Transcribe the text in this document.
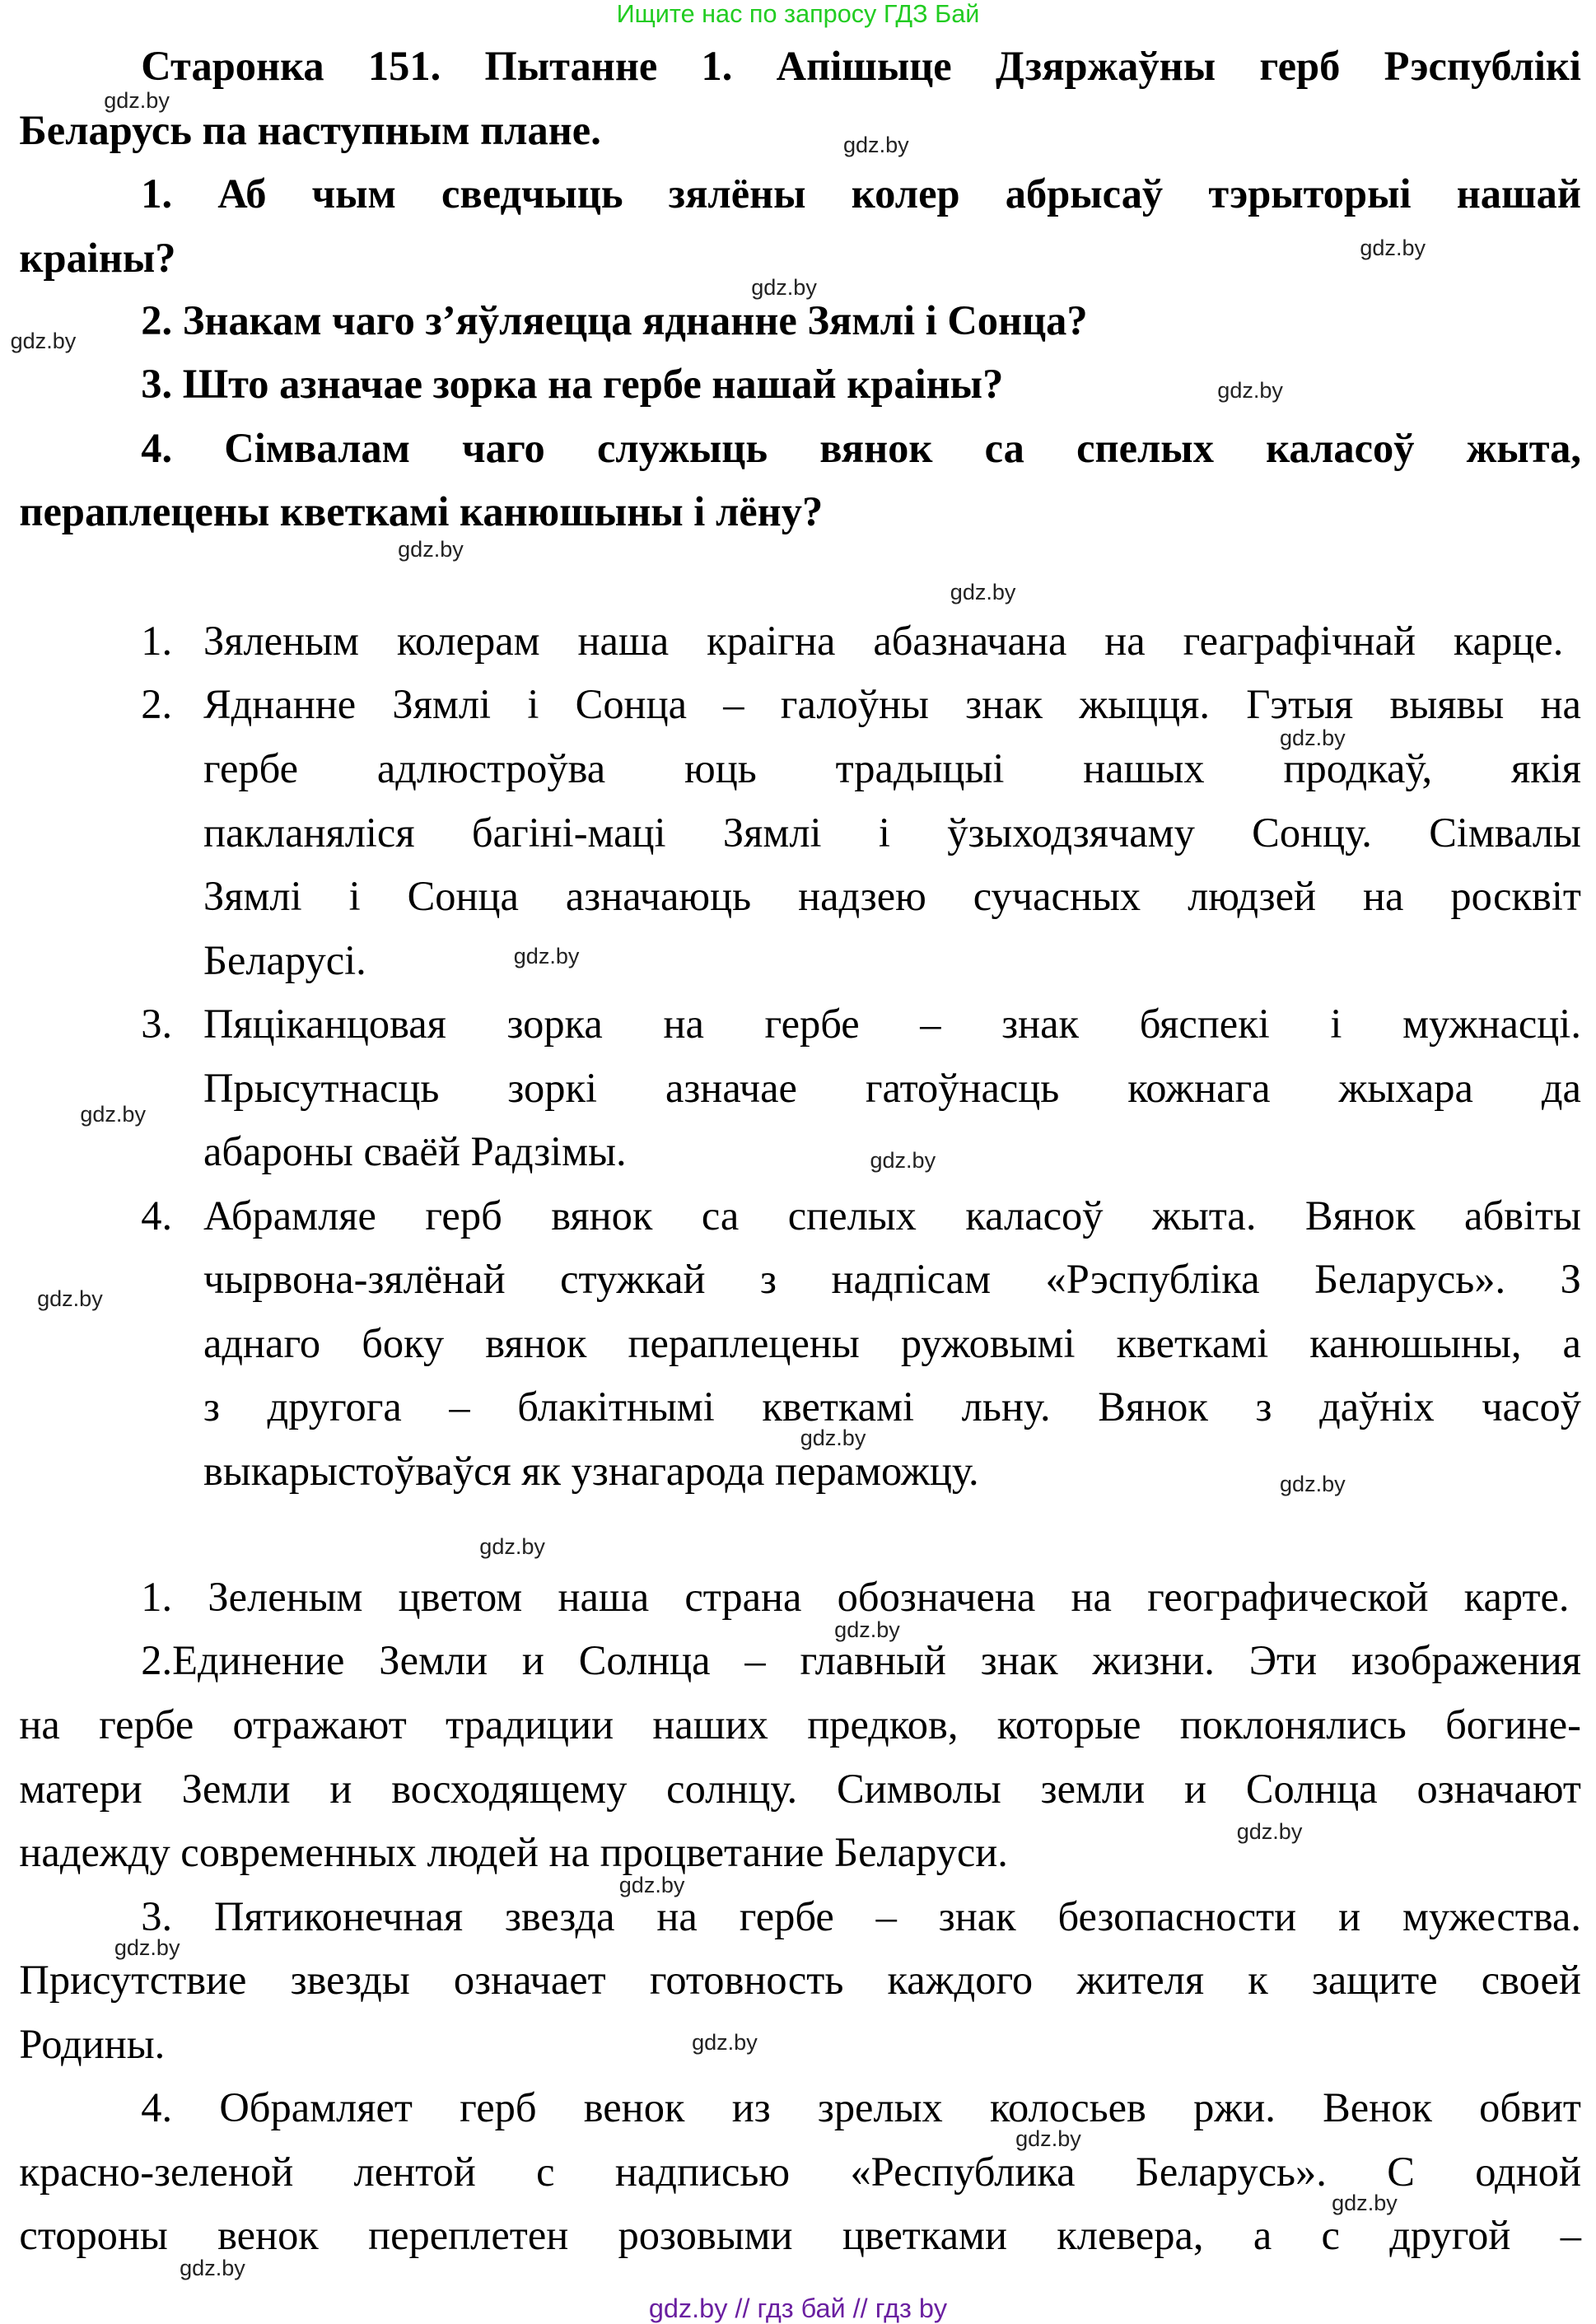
Ищите нас по запросу ГДЗ Бай
gdz.by // гдз бай // гдз by
Старонка 151. Пытанне 1. Апішыце Дзяржаўны герб Рэспублікі
Беларусь па наступным плане.
1. Аб чым сведчыць зялёны колер абрысаў тэрыторыі нашай
краіны?
2. Знакам чаго з’яўляецца яднанне Зямлі і Сонца?
3. Што азначае зорка на гербе нашай краіны?
4. Сімвалам чаго служыць вянок са спелых каласоў жыта,
пераплецены кветкамі канюшыны і лёну?
1.
2.
3.
4.
Зяленым колерам наша краігна абазначана на геаграфічнай карце.
Яднанне Зямлі і Сонца – галоўны знак жыцця. Гэтыя выявы на
гербе адлюстроўва юць традыцыі нашых продкаў, якія
пакланяліся багіні-маці Зямлі і ўзыходзячаму Сонцу. Сімвалы
Зямлі і Сонца азначаюць надзею сучасных людзей на росквіт
Беларусі.
Пяціканцовая зорка на гербе – знак бяспекі і мужнасці.
Прысутнасць зоркі азначае гатоўнасць кожнага жыхара да
абароны сваёй Радзімы.
Абрамляе герб вянок са спелых каласоў жыта. Вянок абвіты
чырвона-зялёнай стужкай з надпісам «Рэспубліка Беларусь». З
аднаго боку вянок пераплецены ружовымі кветкамі канюшыны, а
з другога – блакітнымі кветкамі льну. Вянок з даўніх часоў
выкарыстоўваўся як узнагарода пераможцу.
1. Зеленым цветом наша страна обозначена на географической карте.
2.Единение Земли и Солнца – главный знак жизни. Эти изображения
на гербе отражают традиции наших предков, которые поклонялись богине-
матери Земли и восходящему солнцу. Символы земли и Солнца означают
надежду современных людей на процветание Беларуси.
3. Пятиконечная звезда на гербе – знак безопасности и мужества.
Присутствие звезды означает готовность каждого жителя к защите своей
Родины.
4. Обрамляет герб венок из зрелых колосьев ржи. Венок обвит
красно-зеленой лентой с надписью «Республика Беларусь». С одной
стороны венок переплетен розовыми цветками клевера, а с другой –
gdz.by
gdz.by
gdz.by
gdz.by
gdz.by
gdz.by
gdz.by
gdz.by
gdz.by
gdz.by
gdz.by
gdz.by
gdz.by
gdz.by
gdz.by
gdz.by
gdz.by
gdz.by
gdz.by
gdz.by
gdz.by
gdz.by
gdz.by
gdz.by
